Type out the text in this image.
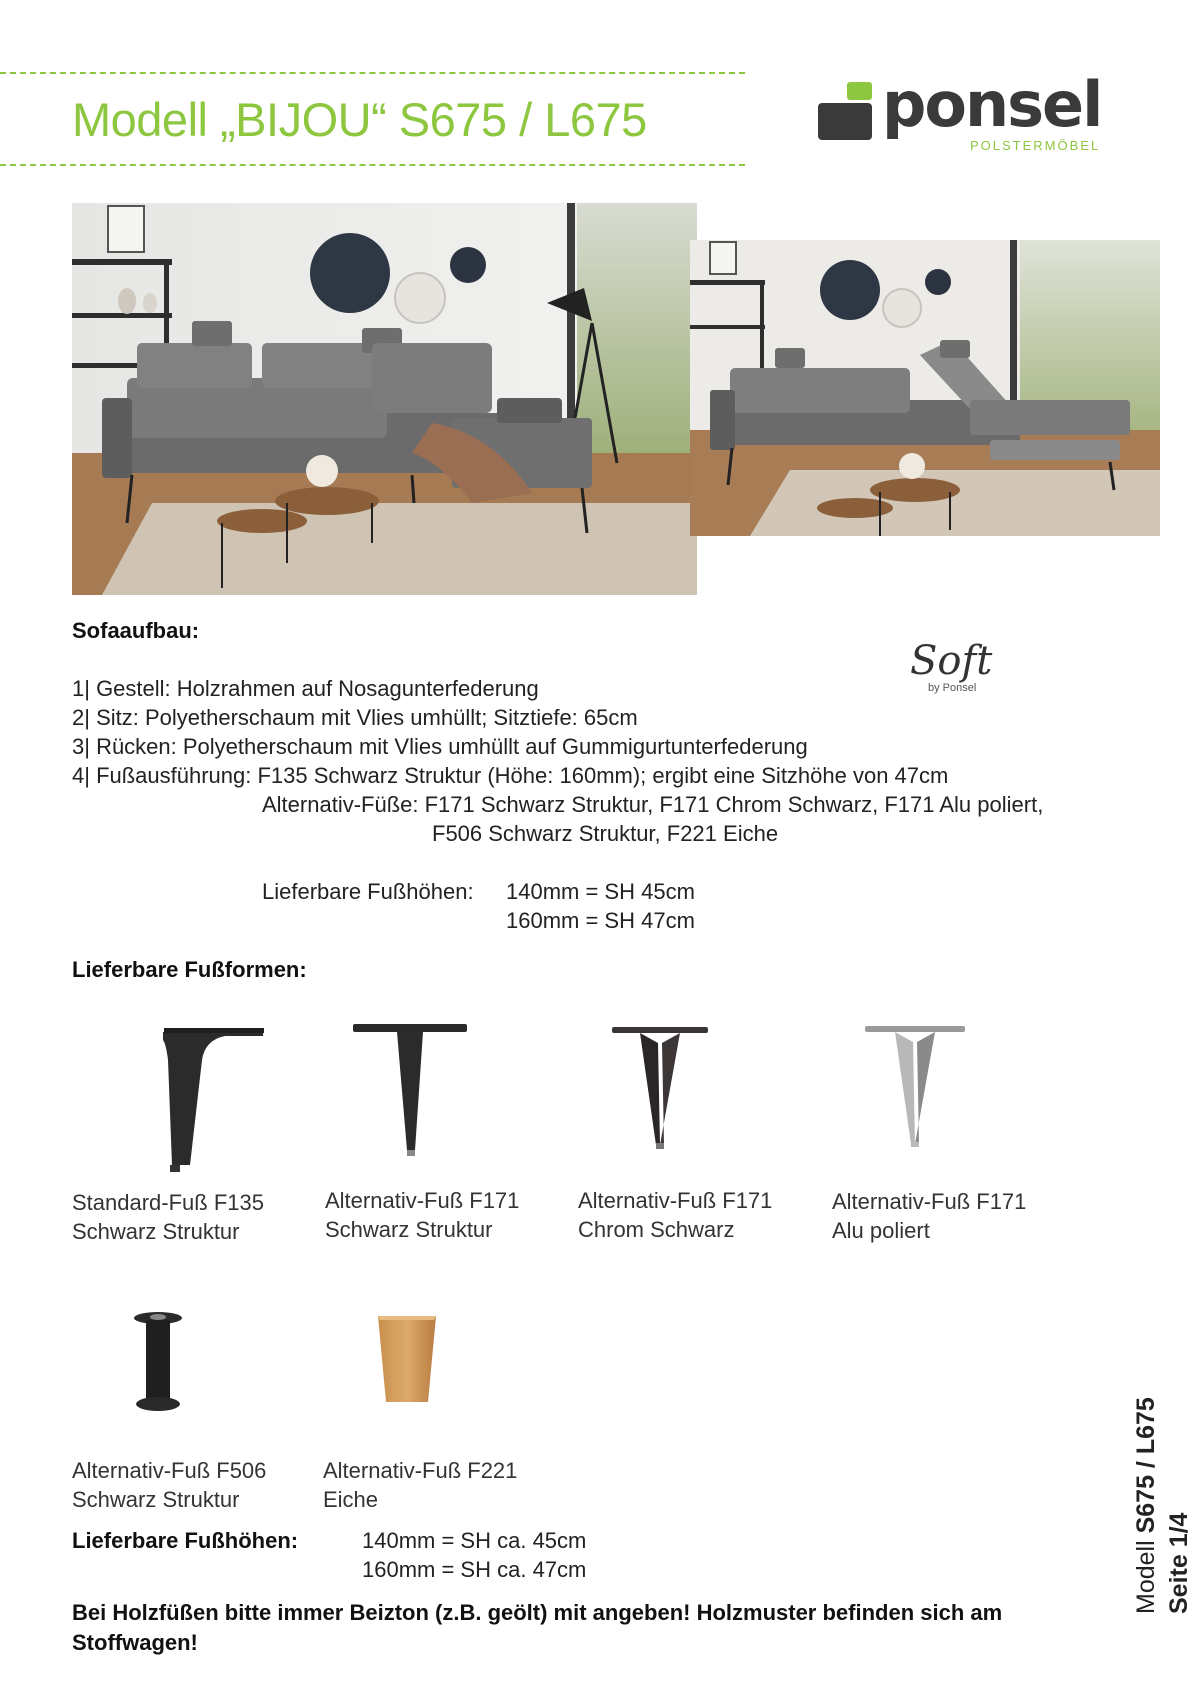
Modell „BIJOU“ S675 / L675	ponsel
POLSTERMÖBEL
Sofaaufbau:
Soft
by Ponsel
1| Gestell: Holzrahmen auf Nosagunterfederung
2| Sitz: Polyetherschaum mit Vlies umhüllt; Sitztiefe: 65cm
3| Rücken: Polyetherschaum mit Vlies umhüllt auf Gummigurtunterfederung
4| Fußausführung: F135 Schwarz Struktur (Höhe: 160mm); ergibt eine Sitzhöhe von 47cm
Alternativ-Füße: F171 Schwarz Struktur, F171 Chrom Schwarz, F171 Alu poliert,
F506 Schwarz Struktur, F221 Eiche
Lieferbare Fußhöhen: 140mm = SH 45cm
160mm = SH 47cm
Lieferbare Fußformen:
Standard-Fuß F135
Schwarz Struktur
Alternativ-Fuß F171
Schwarz Struktur
Alternativ-Fuß F171
Chrom Schwarz
Alternativ-Fuß F171
Alu poliert
Alternativ-Fuß F506
Schwarz Struktur
Alternativ-Fuß F221
Eiche
Lieferbare Fußhöhen:	140mm = SH ca. 45cm
160mm = SH ca. 47cm
Bei Holzfüßen bitte immer Beizton (z.B. geölt) mit angeben! Holzmuster befinden sich am Stoffwagen!
Modell S675 / L675
Seite 1/4
